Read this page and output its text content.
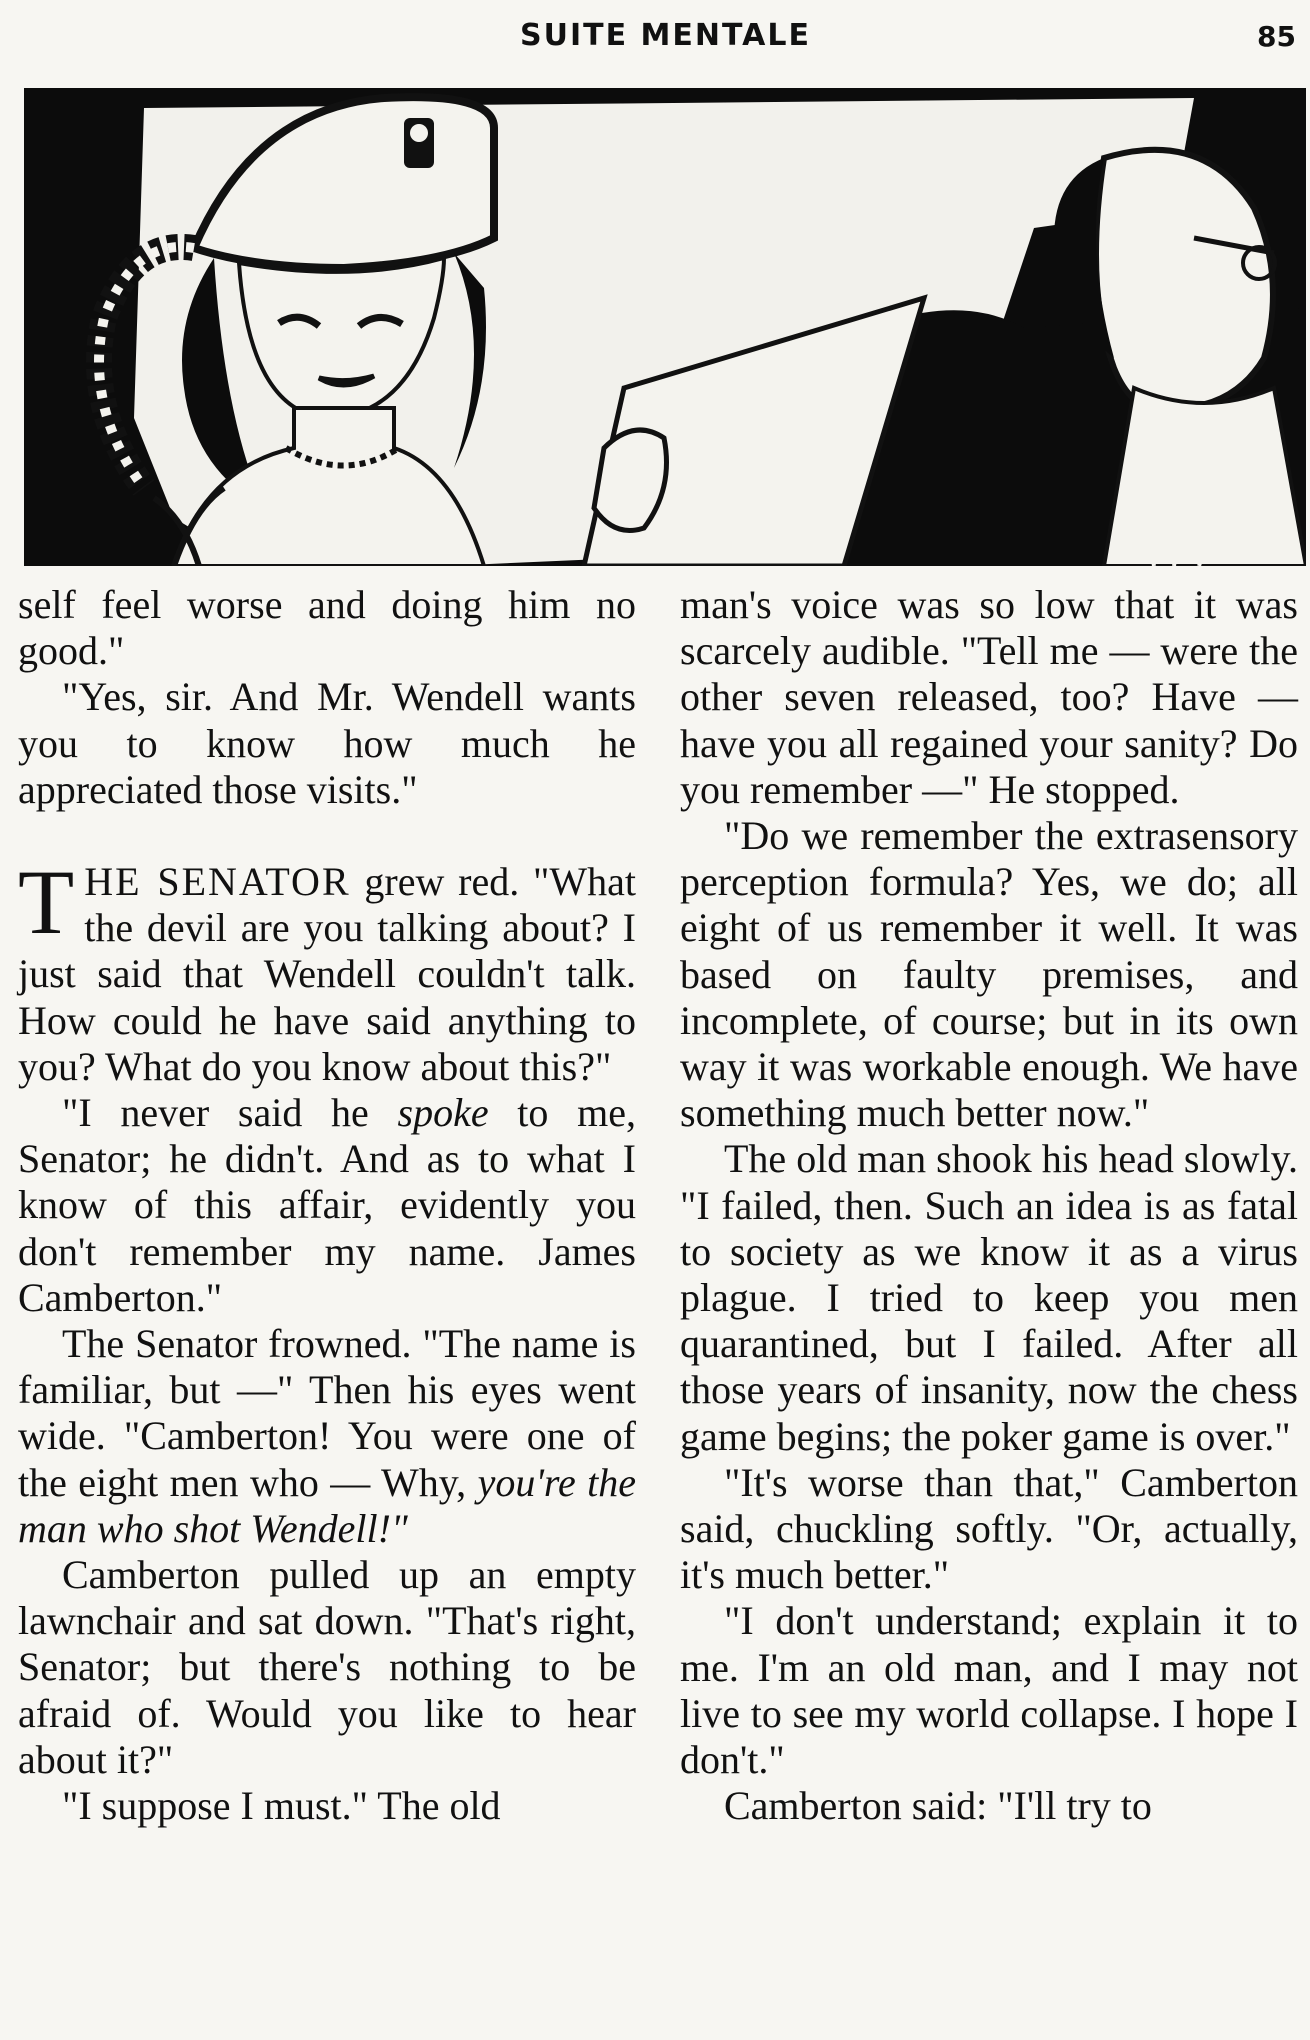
SUITE MENTALE	85

self feel worse and doing him no good."

"Yes, sir. And Mr. Wendell wants you to know how much he appreciated those visits."

THE SENATOR grew red. "What the devil are you talking about? I just said that Wendell couldn't talk. How could he have said anything to you? What do you know about this?"

"I never said he spoke to me, Senator; he didn't. And as to what I know of this affair, evidently you don't remember my name. James Camberton."

The Senator frowned. "The name is familiar, but —" Then his eyes went wide. "Camberton! You were one of the eight men who — Why, you're the man who shot Wendell!"

Camberton pulled up an empty lawnchair and sat down. "That's right, Senator; but there's nothing to be afraid of. Would you like to hear about it?"

"I suppose I must." The old

man's voice was so low that it was scarcely audible. "Tell me — were the other seven released, too? Have — have you all regained your sanity? Do you remember —" He stopped.

"Do we remember the extrasensory perception formula? Yes, we do; all eight of us remember it well. It was based on faulty premises, and incomplete, of course; but in its own way it was workable enough. We have something much better now."

The old man shook his head slowly. "I failed, then. Such an idea is as fatal to society as we know it as a virus plague. I tried to keep you men quarantined, but I failed. After all those years of insanity, now the chess game begins; the poker game is over."

"It's worse than that," Camberton said, chuckling softly. "Or, actually, it's much better."

"I don't understand; explain it to me. I'm an old man, and I may not live to see my world collapse. I hope I don't."

Camberton said: "I'll try to
